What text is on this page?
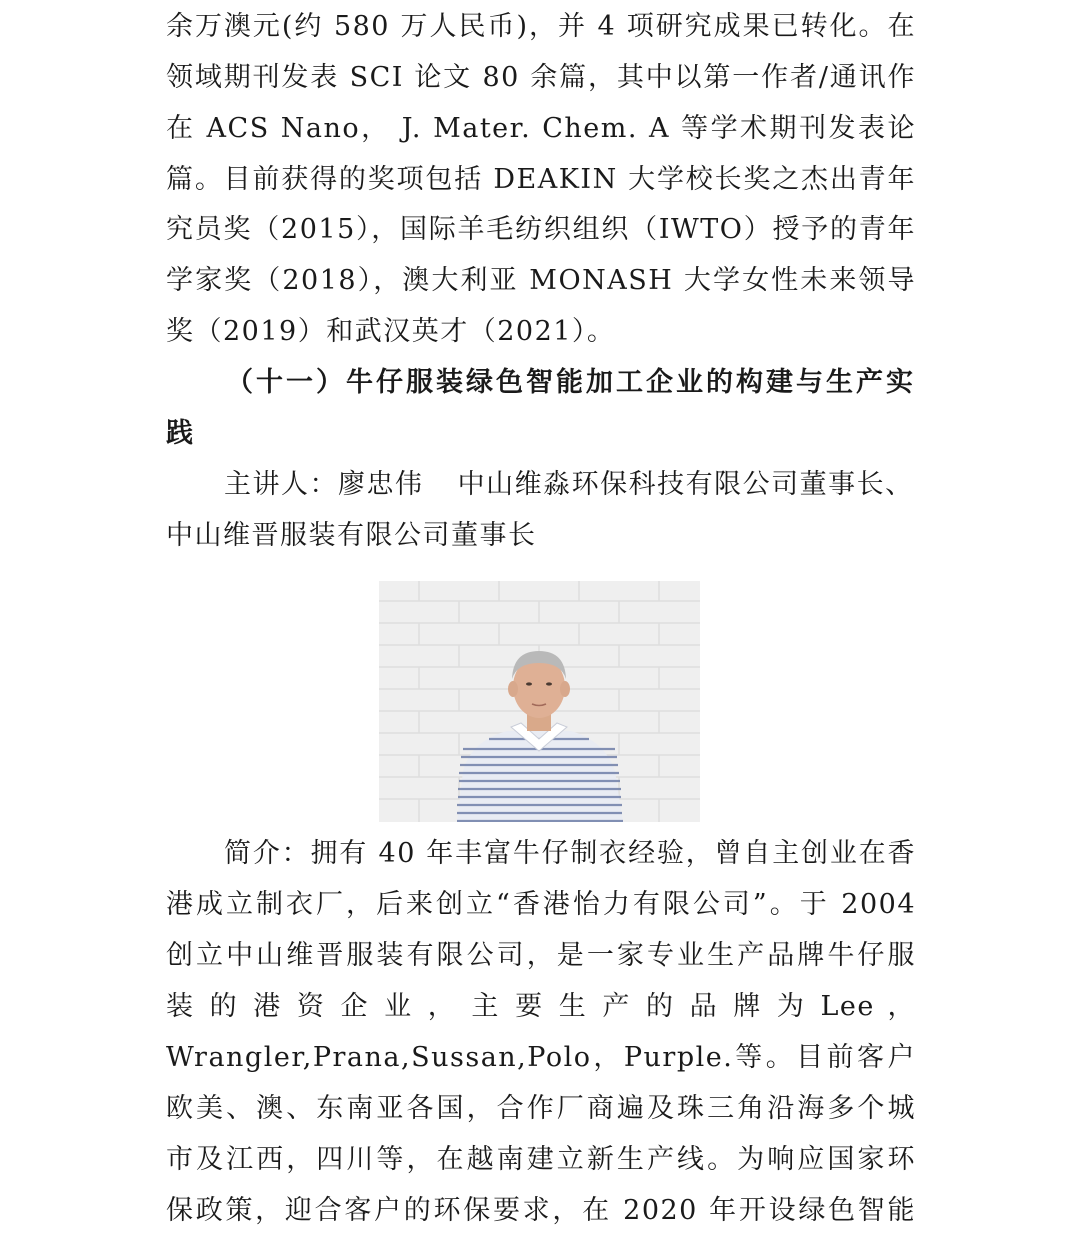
余万澳元(约 580 万人民币)，并 4 项研究成果已转化。在
领域期刊发表 SCI 论文 80 余篇，其中以第一作者/通讯作
在 ACS Nano， J. Mater. Chem. A 等学术期刊发表论
篇。目前获得的奖项包括 DEAKIN 大学校长奖之杰出青年
究员奖（2015），国际羊毛纺织组织（IWTO）授予的青年
学家奖（2018），澳大利亚 MONASH 大学女性未来领导
奖（2019）和武汉英才（2021）。
（十一）牛仔服装绿色智能加工企业的构建与生产实
践
主讲人：廖忠伟 中山维淼环保科技有限公司董事长、
中山维晋服装有限公司董事长
简介：拥有 40 年丰富牛仔制衣经验，曾自主创业在香
港成立制衣厂，后来创立“香港怡力有限公司”。于 2004
创立中山维晋服装有限公司，是一家专业生产品牌牛仔服
装 的 港 资 企 业 ， 主 要 生 产 的 品 牌 为 Lee ，
Wrangler,Prana,Sussan,Polo，Purple.等。目前客户
欧美、澳、东南亚各国，合作厂商遍及珠三角沿海多个城
市及江西，四川等，在越南建立新生产线。为响应国家环
保政策，迎合客户的环保要求，在 2020 年开设绿色智能
